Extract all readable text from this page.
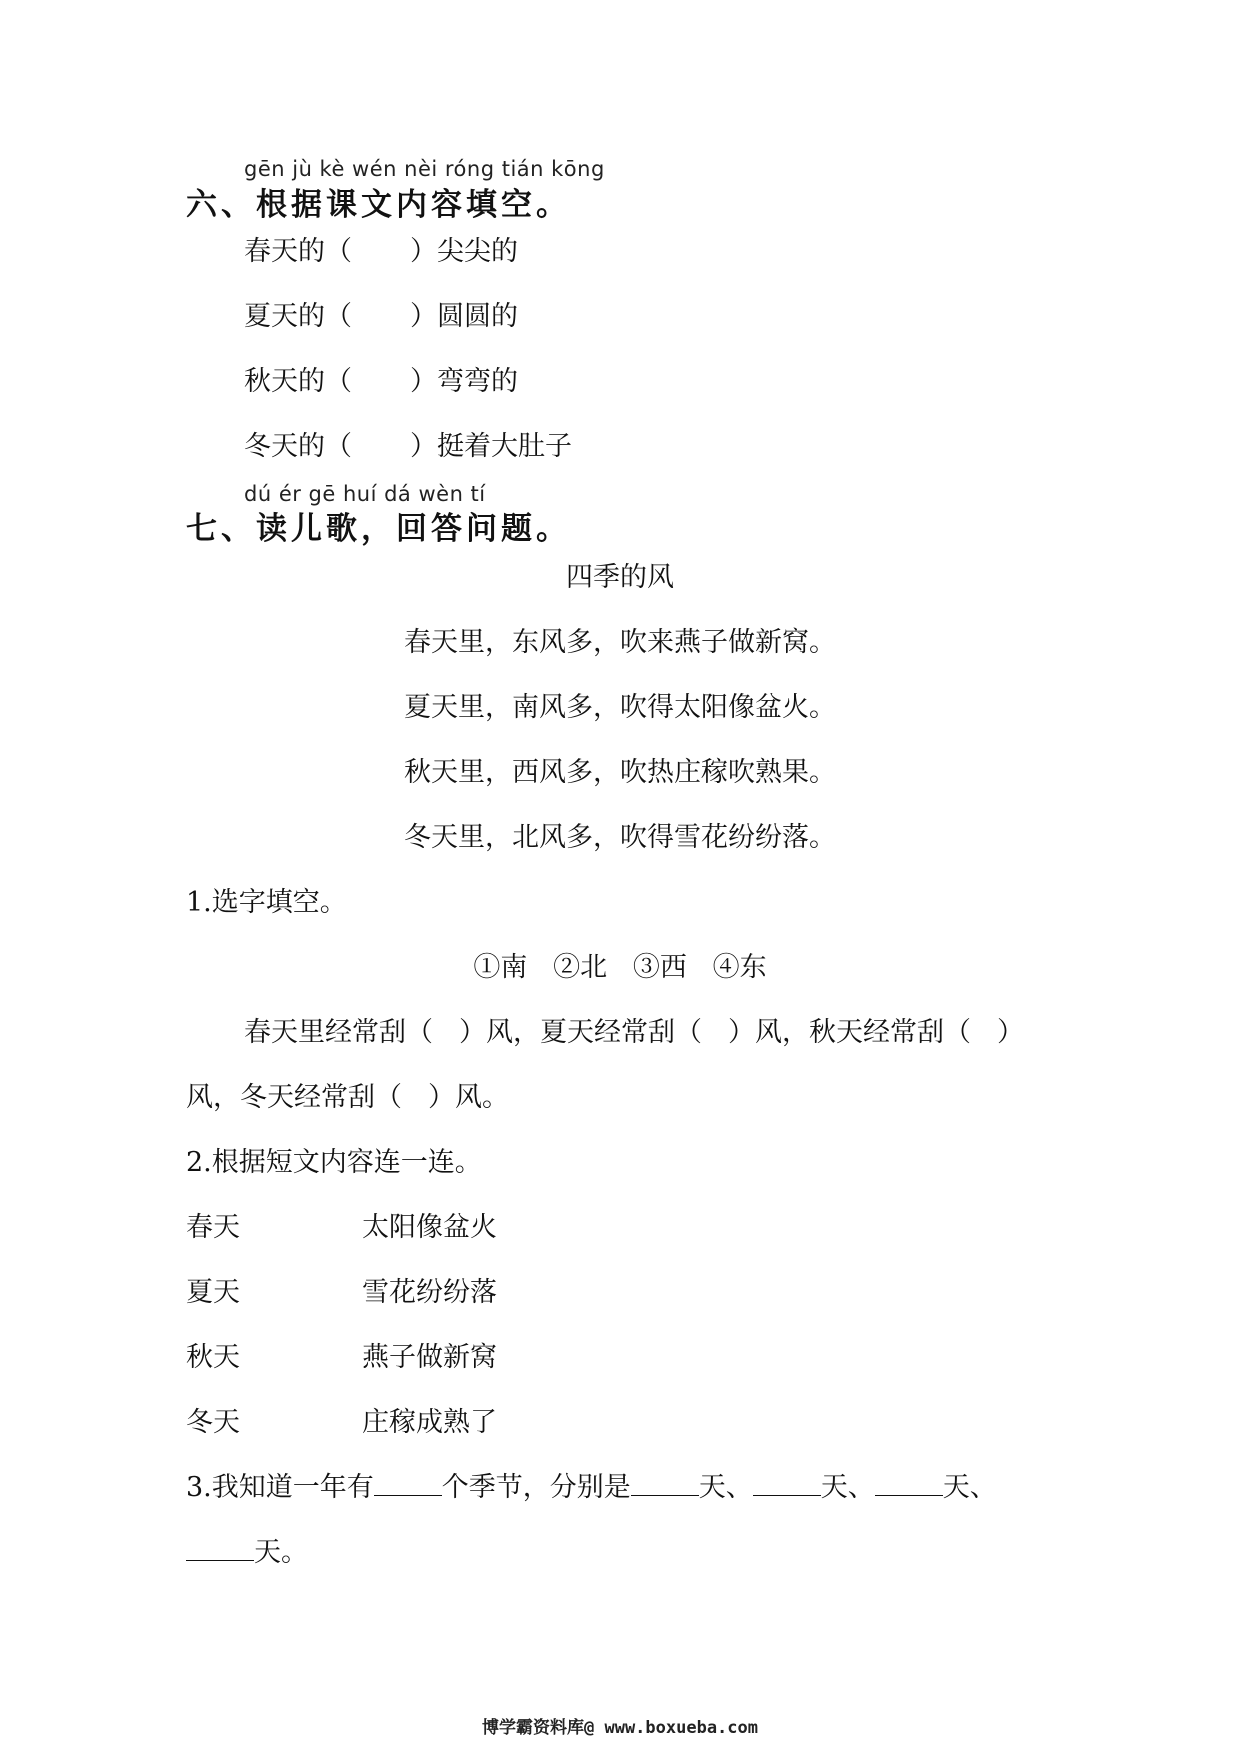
gēn jù kè wén nèi róng tián kōng
六、根据课文内容填空。
春天的（ ）尖尖的
夏天的（ ）圆圆的
秋天的（ ）弯弯的
冬天的（ ）挺着大肚子
dú ér gē huí dá wèn tí
七、读儿歌，回答问题。
四季的风
春天里，东风多，吹来燕子做新窝。
夏天里，南风多，吹得太阳像盆火。
秋天里，西风多，吹热庄稼吹熟果。
冬天里，北风多，吹得雪花纷纷落。
1.选字填空。
①南   ②北   ③西   ④东
春天里经常刮（ ）风，夏天经常刮（ ）风，秋天经常刮（ ）
风，冬天经常刮（ ）风。
2.根据短文内容连一连。
春天	太阳像盆火
夏天	雪花纷纷落
秋天	燕子做新窝
冬天	庄稼成熟了
3.我知道一年有	个季节，分别是	天、	天、	天、
天。
博学霸资料库@ www.boxueba.com
